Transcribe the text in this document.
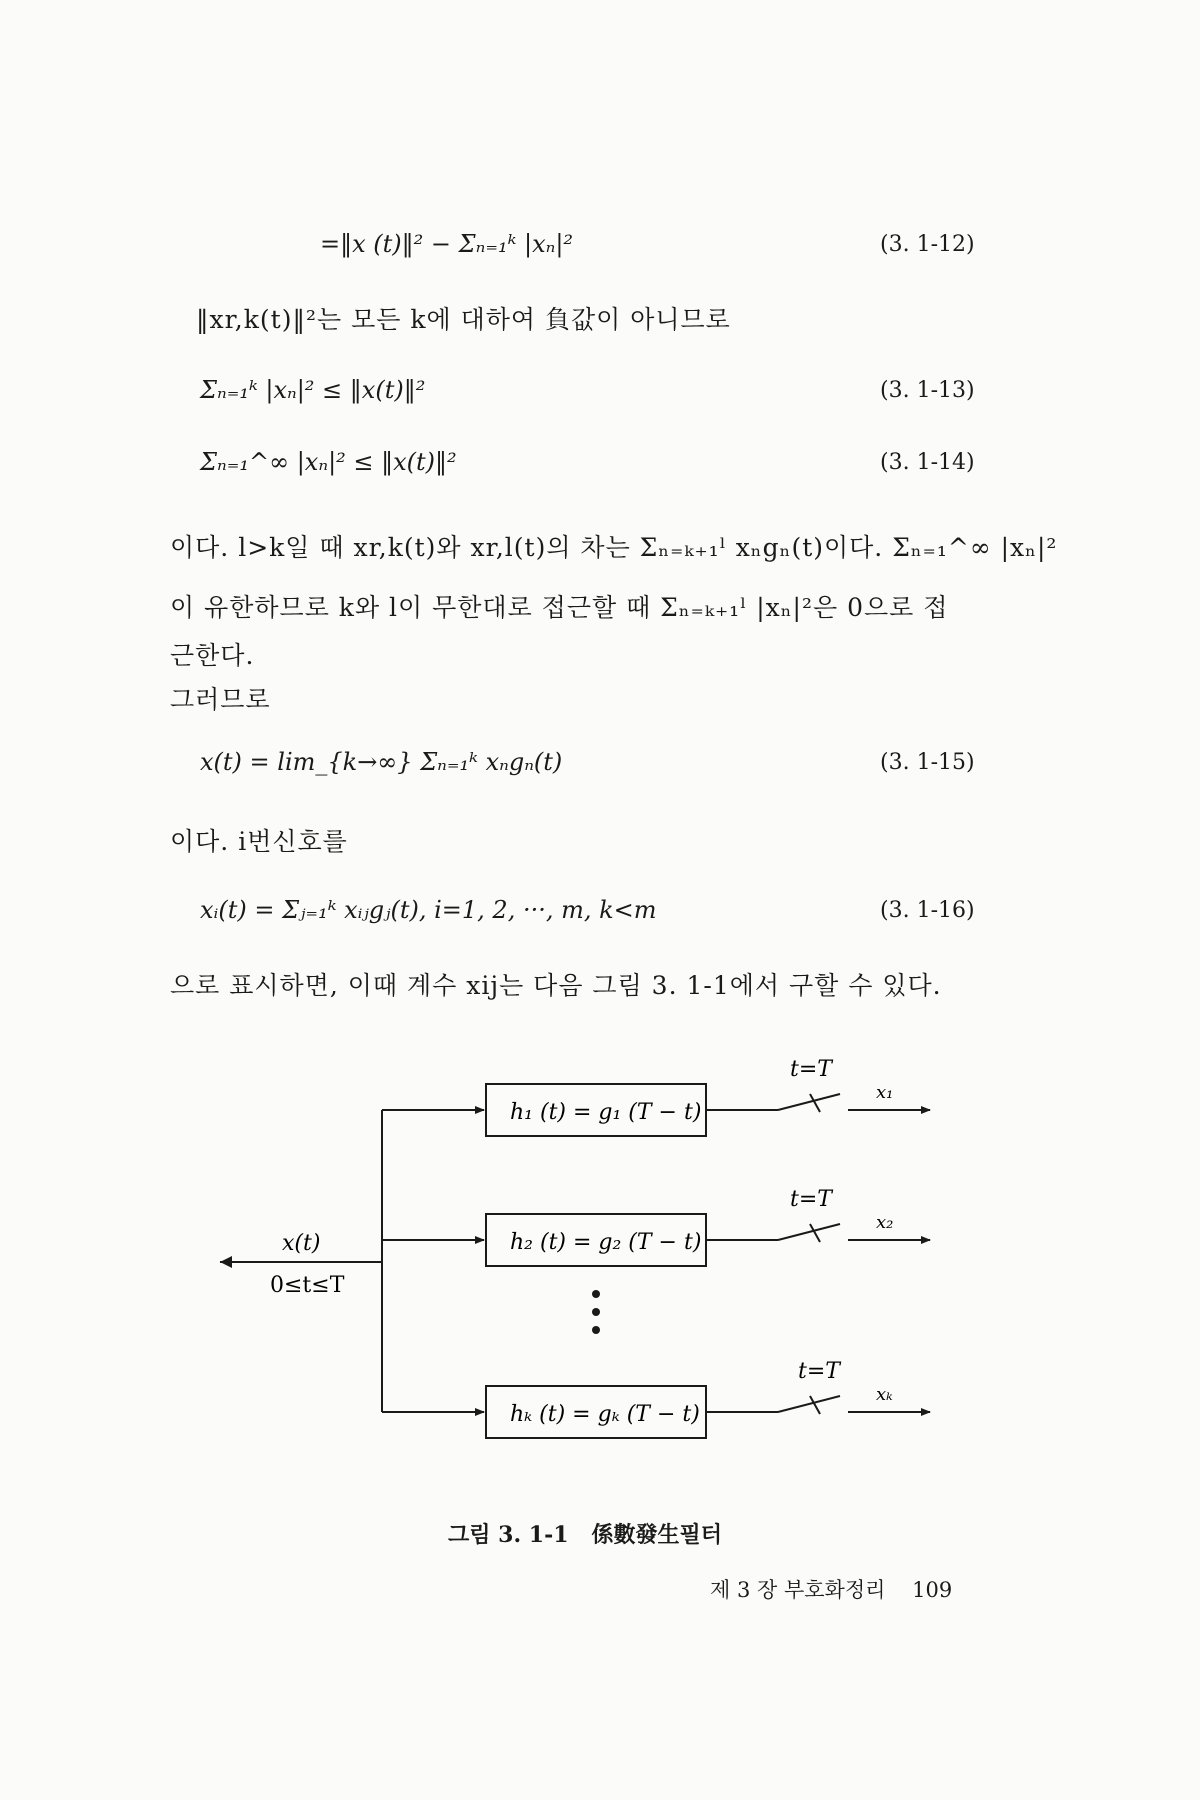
=‖x (t)‖² − Σₙ₌₁ᵏ |xₙ|²	(3. 1-12)
‖xr,k(t)‖²는 모든 k에 대하여 負값이 아니므로
Σₙ₌₁ᵏ |xₙ|² ≤ ‖x(t)‖²	(3. 1-13)
Σₙ₌₁^∞ |xₙ|² ≤ ‖x(t)‖²	(3. 1-14)
이다. l>k일 때 xr,k(t)와 xr,l(t)의 차는 Σₙ₌ₖ₊₁ˡ xₙgₙ(t)이다. Σₙ₌₁^∞ |xₙ|²
이 유한하므로 k와 l이 무한대로 접근할 때 Σₙ₌ₖ₊₁ˡ |xₙ|²은 0으로 접
근한다.
그러므로
x(t) = lim_{k→∞} Σₙ₌₁ᵏ xₙgₙ(t)	(3. 1-15)
이다. i번신호를
xᵢ(t) = Σⱼ₌₁ᵏ xᵢⱼgⱼ(t), i=1, 2, ···, m, k<m	(3. 1-16)
으로 표시하면, 이때 계수 xij는 다음 그림 3. 1-1에서 구할 수 있다.
x(t)
0≤t≤T
h₁ (t) = g₁ (T − t)
t=T
x₁
h₂ (t) = g₂ (T − t)
t=T
x₂
hₖ (t) = gₖ (T − t)
t=T
xₖ
그림 3. 1-1 係數發生필터
제 3 장 부호화정리 109
